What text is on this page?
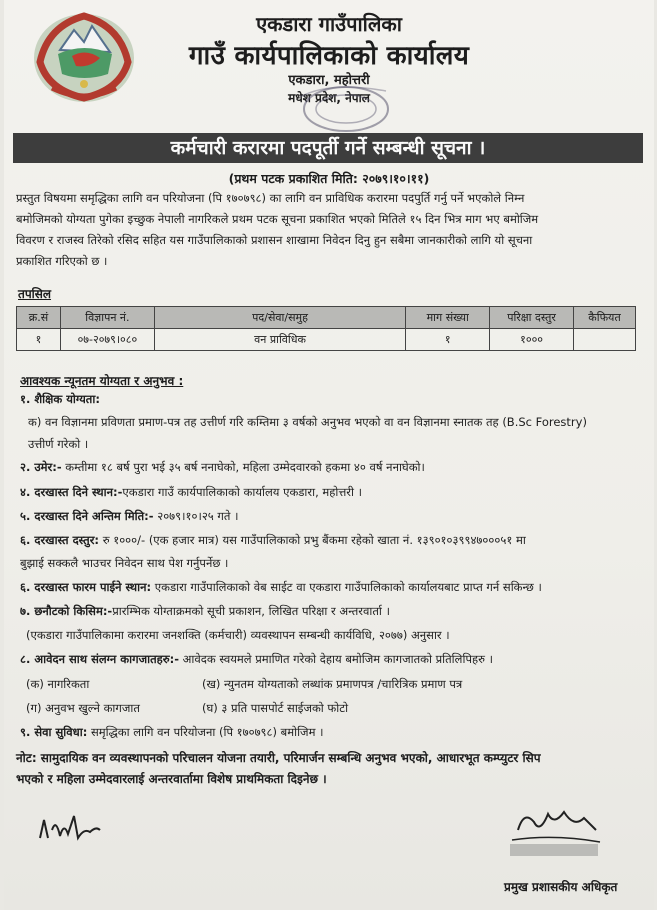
एकडारा गाउँपालिका
गाउँ कार्यपालिकाको कार्यालय
एकडारा, महोत्तरी
मधेश प्रदेश, नेपाल
कर्मचारी करारमा पदपूर्ती गर्ने सम्बन्धी सूचना ।
(प्रथम पटक प्रकाशित मिति: २०७९।१०।११)
प्रस्तुत विषयमा समृद्धिका लागि वन परियोजना (पि १७०७९८) का लागि वन प्राविधिक करारमा पदपुर्ति गर्नु पर्ने भएकोले निम्न
बमोजिमको योग्यता पुगेका इच्छुक नेपाली नागरिकले प्रथम पटक सूचना प्रकाशित भएको मितिले १५ दिन भित्र माग भए बमोजिम
विवरण र राजस्व तिरेको रसिद सहित यस गाउँपालिकाको प्रशासन शाखामा निवेदन दिनु हुन सबैमा जानकारीको लागि यो सूचना
प्रकाशित गरिएको छ ।
तपसिल
क्र.सं	विज्ञापन नं.	पद/सेवा/समुह	माग संख्या	परिक्षा दस्तुर	कैफियत
१	०७-२०७९।०८०	वन प्राविधिक	१	१०००	
आवश्यक न्यूनतम योग्यता र अनुभव :
१. शैक्षिक योग्यता:
क) वन विज्ञानमा प्रविणता प्रमाण-पत्र तह उत्तीर्ण गरि कम्तिमा ३ वर्षको अनुभव भएको वा वन विज्ञानमा स्नातक तह (B.Sc Forestry)
उत्तीर्ण गरेको ।
२. उमेर:- कम्तीमा १८ बर्ष पुरा भई ३५ बर्ष ननाघेको, महिला उम्मेदवारको हकमा ४० वर्ष ननाघेको।
४. दरखास्त दिने स्थान:-एकडारा गाउँ कार्यपालिकाको कार्यालय एकडारा, महोत्तरी ।
५. दरखास्त दिने अन्तिम मिति:- २०७९।१०।२५ गते ।
६. दरखास्त दस्तुर: रु १०००/- (एक हजार मात्र) यस गाउँपालिकाको प्रभु बैंकमा रहेको खाता नं. १३९०१०३९९४७०००५१ मा
बुझाई सक्कलै भाउचर निवेदन साथ पेश गर्नुपर्नेछ ।
६. दरखास्त फारम पाईने स्थान: एकडारा गाउँपालिकाको वेब साईट वा एकडारा गाउँपालिकाको कार्यालयबाट प्राप्त गर्न सकिन्छ ।
७. छनौटको किसिम:-प्रारम्भिक योग्ताक्रमको सूची प्रकाशन, लिखित परिक्षा र अन्तरवार्ता ।
(एकडारा गाउँपालिकामा करारमा जनशक्ति (कर्मचारी) व्यवस्थापन सम्बन्धी कार्यविधि, २०७७) अनुसार ।
८. आवेदन साथ संलग्न कागजातहरु:- आवेदक स्वयमले प्रमाणित गरेको देहाय बमोजिम कागजातको प्रतिलिपिहरु ।
(क) नागरिकता	(ख) न्युनतम योग्यताको लब्धांक प्रमाणपत्र /चारित्रिक प्रमाण पत्र
(ग) अनुवभ खुल्ने कागजात	(घ) ३ प्रति पासपोर्ट साईजको फोटो
९. सेवा सुविधा: समृद्धिका लागि वन परियोजना (पि १७०७९८) बमोजिम ।
नोट: सामुदायिक वन व्यवस्थापनको परिचालन योजना तयारी, परिमार्जन सम्बन्धि अनुभव भएको, आधारभूत कम्प्युटर सिप
भएको र महिला उम्मेदवारलाई अन्तरवार्तामा विशेष प्राथमिकता दिइनेछ ।
प्रमुख प्रशासकीय अधिकृत
